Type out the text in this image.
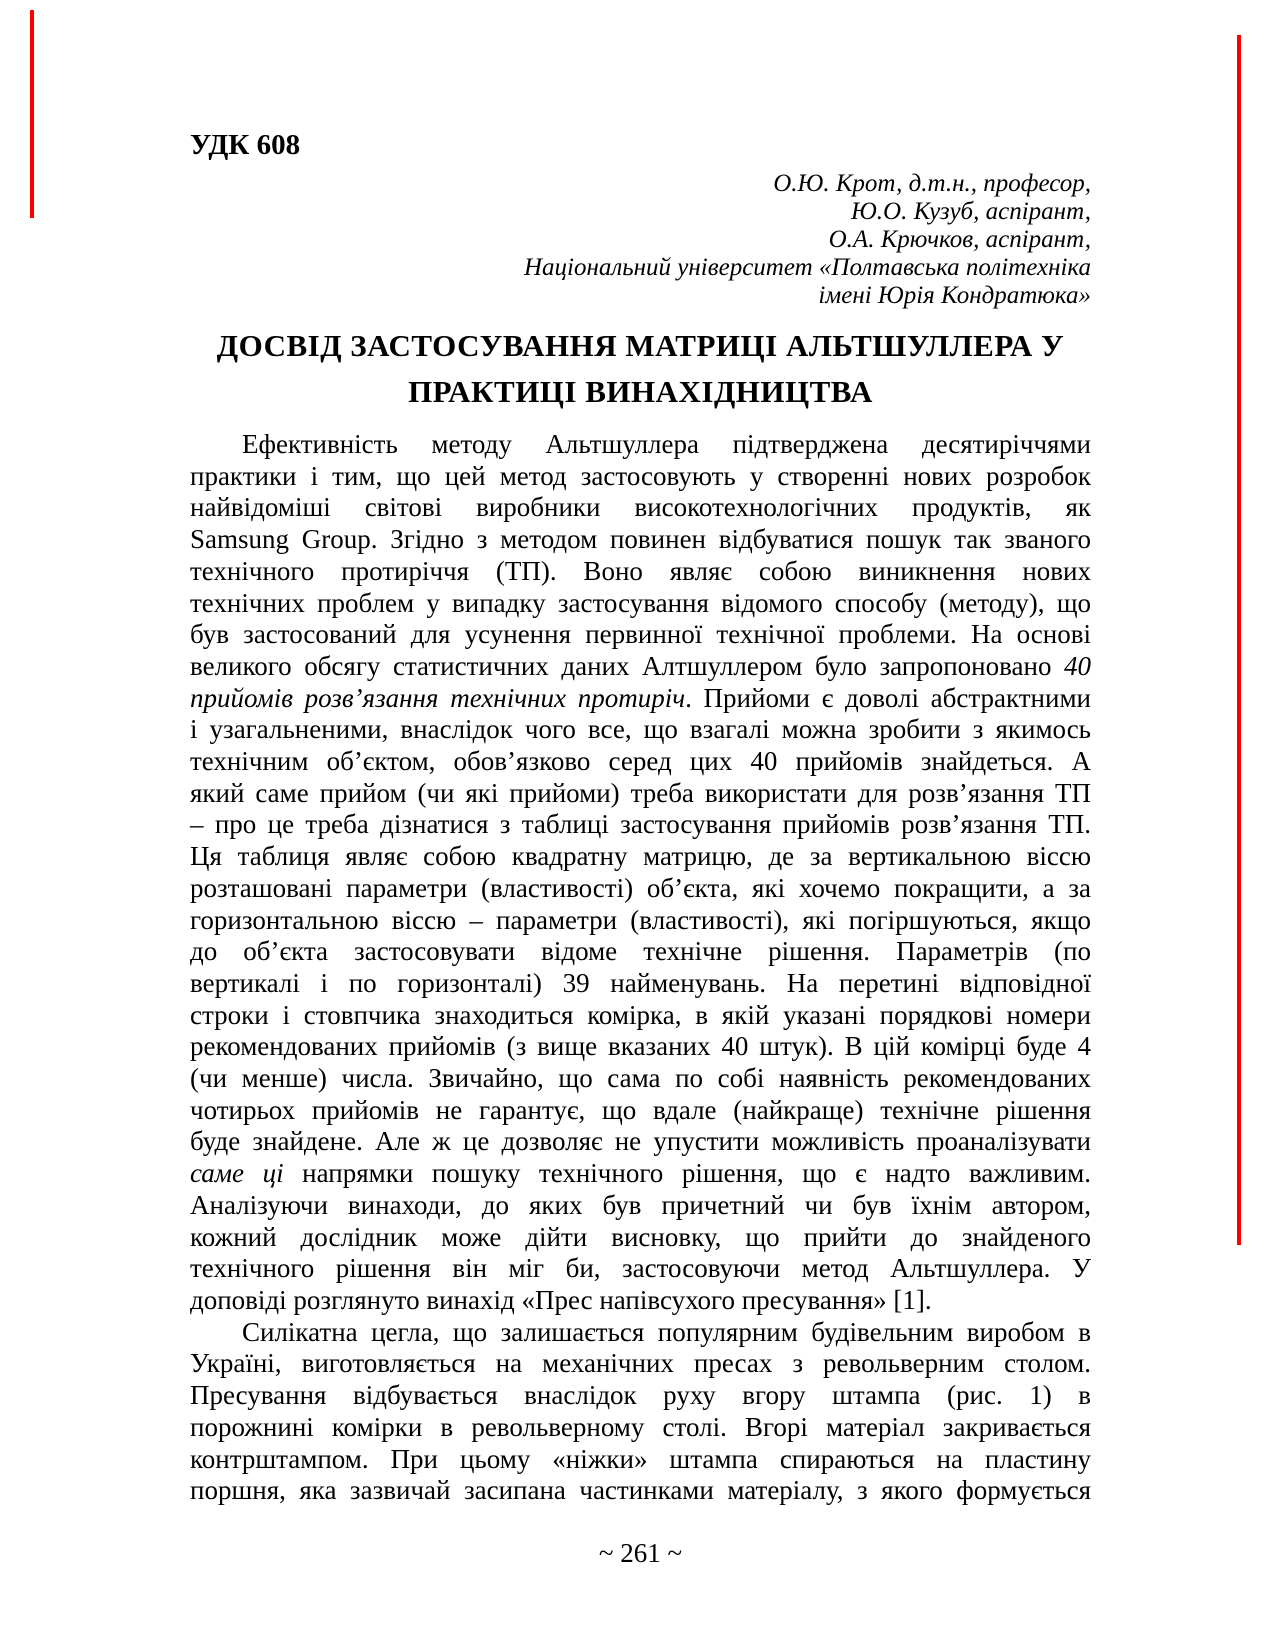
УДК 608
О.Ю. Крот, д.т.н., професор,
Ю.О. Кузуб, аспірант,
О.А. Крючков, аспірант,
Національний університет «Полтавська політехніка
імені Юрія Кондратюка»
ДОСВІД ЗАСТОСУВАННЯ МАТРИЦІ АЛЬТШУЛЛЕРА У
ПРАКТИЦІ ВИНАХІДНИЦТВА
Ефективність методу Альтшуллера підтверджена десятиріччями
практики і тим, що цей метод застосовують у створенні нових розробок
найвідоміші світові виробники високотехнологічних продуктів, як
Samsung Group. Згідно з методом повинен відбуватися пошук так званого
технічного протиріччя (ТП). Воно являє собою виникнення нових
технічних проблем у випадку застосування відомого способу (методу), що
був застосований для усунення первинної технічної проблеми. На основі
великого обсягу статистичних даних Алтшуллером було запропоновано 40
прийомів розв’язання технічних протиріч. Прийоми є доволі абстрактними
і узагальненими, внаслідок чого все, що взагалі можна зробити з якимось
технічним об’єктом, обов’язково серед цих 40 прийомів знайдеться. А
який саме прийом (чи які прийоми) треба використати для розв’язання ТП
– про це треба дізнатися з таблиці застосування прийомів розв’язання ТП.
Ця таблиця являє собою квадратну матрицю, де за вертикальною віссю
розташовані параметри (властивості) об’єкта, які хочемо покращити, а за
горизонтальною віссю – параметри (властивості), які погіршуються, якщо
до об’єкта застосовувати відоме технічне рішення. Параметрів (по
вертикалі і по горизонталі) 39 найменувань. На перетині відповідної
строки і стовпчика знаходиться комірка, в якій указані порядкові номери
рекомендованих прийомів (з вище вказаних 40 штук). В цій комірці буде 4
(чи менше) числа. Звичайно, що сама по собі наявність рекомендованих
чотирьох прийомів не гарантує, що вдале (найкраще) технічне рішення
буде знайдене. Але ж це дозволяє не упустити можливість проаналізувати
саме ці напрямки пошуку технічного рішення, що є надто важливим.
Аналізуючи винаходи, до яких був причетний чи був їхнім автором,
кожний дослідник може дійти висновку, що прийти до знайденого
технічного рішення він міг би, застосовуючи метод Альтшуллера. У
доповіді розглянуто винахід «Прес напівсухого пресування» [1].
Силікатна цегла, що залишається популярним будівельним виробом в
Україні, виготовляється на механічних пресах з револьверним столом.
Пресування відбувається внаслідок руху вгору штампа (рис. 1) в
порожнині комірки в револьверному столі. Вгорі матеріал закривається
контрштампом. При цьому «ніжки» штампа спираються на пластину
поршня, яка зазвичай засипана частинками матеріалу, з якого формується
~ 261 ~
